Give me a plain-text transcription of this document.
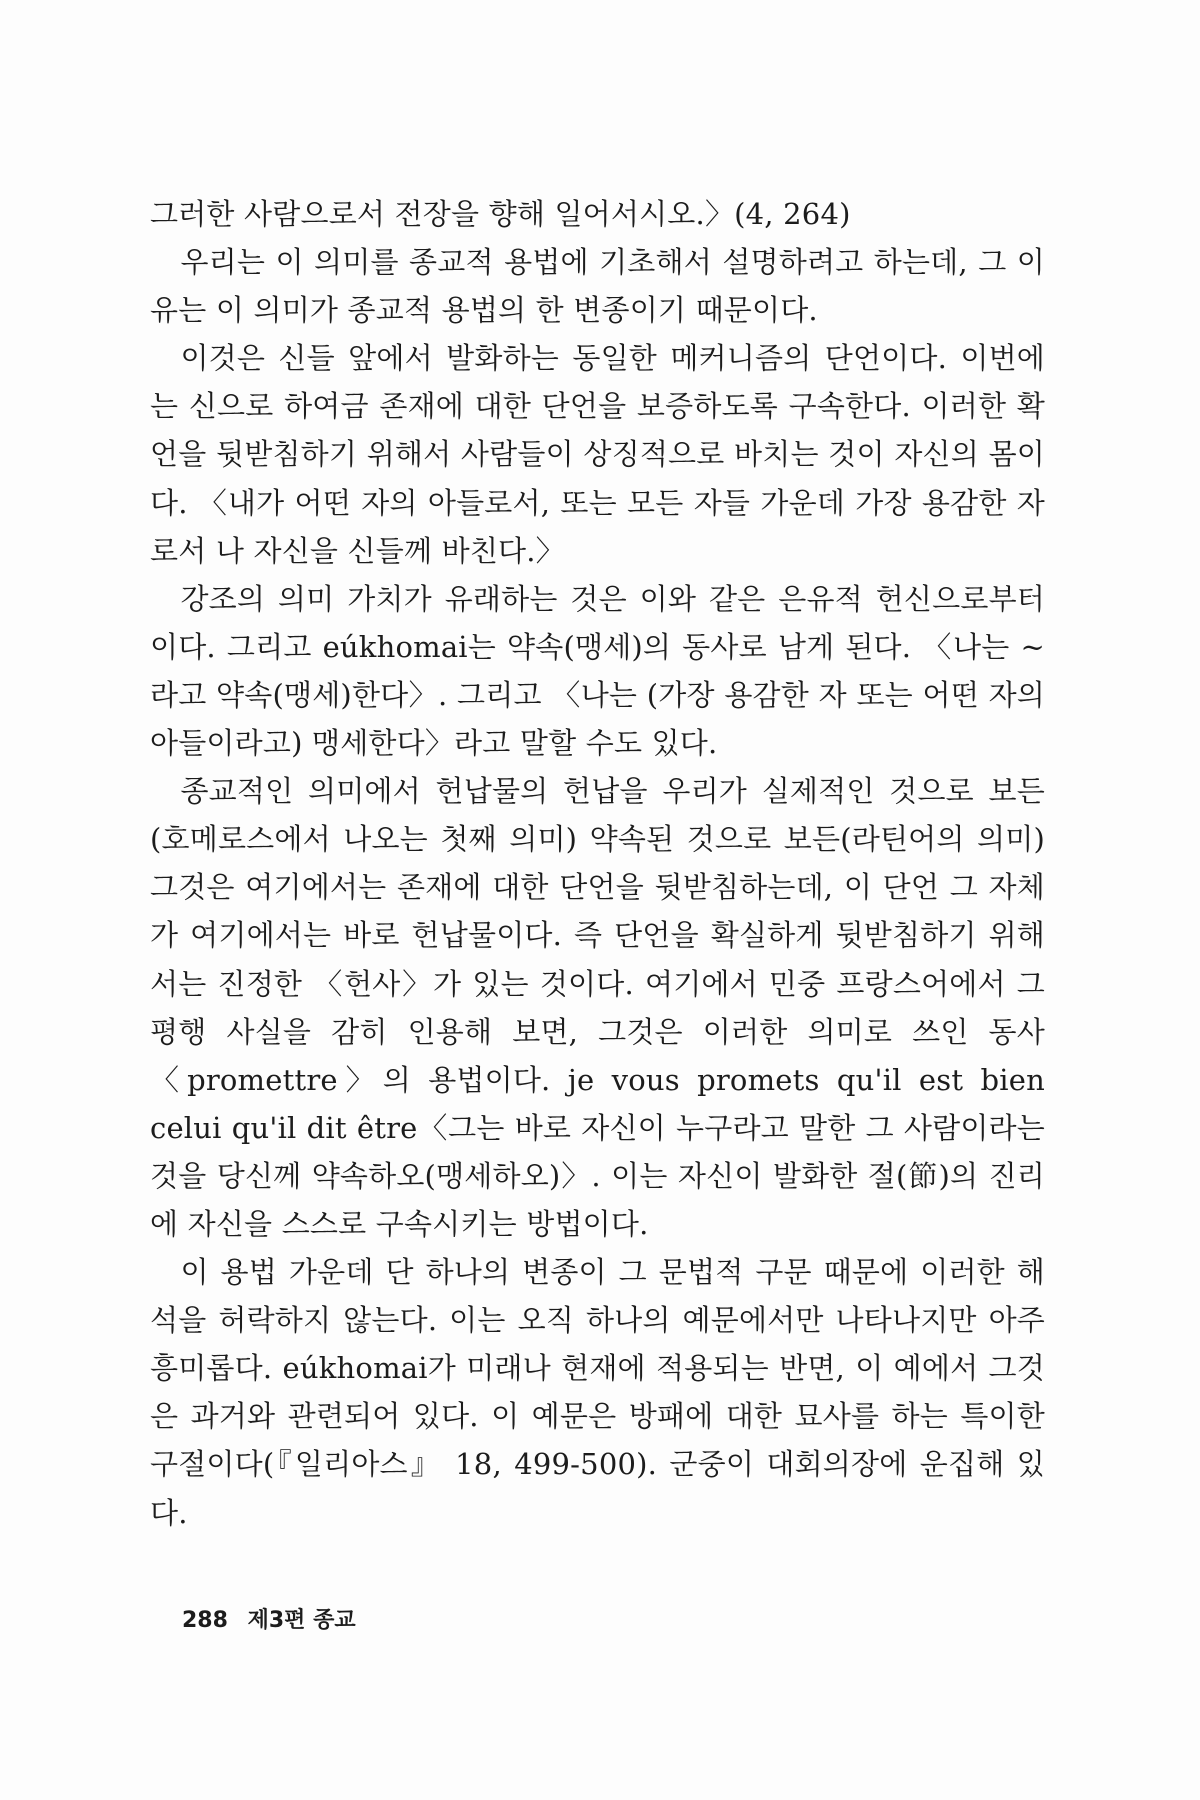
그러한 사람으로서 전장을 향해 일어서시오.〉(4, 264)

우리는 이 의미를 종교적 용법에 기초해서 설명하려고 하는데, 그 이유는 이 의미가 종교적 용법의 한 변종이기 때문이다.

이것은 신들 앞에서 발화하는 동일한 메커니즘의 단언이다. 이번에는 신으로 하여금 존재에 대한 단언을 보증하도록 구속한다. 이러한 확언을 뒷받침하기 위해서 사람들이 상징적으로 바치는 것이 자신의 몸이다. 〈내가 어떤 자의 아들로서, 또는 모든 자들 가운데 가장 용감한 자로서 나 자신을 신들께 바친다.〉

강조의 의미 가치가 유래하는 것은 이와 같은 은유적 헌신으로부터이다. 그리고 eúkhomai는 약속(맹세)의 동사로 남게 된다. 〈나는 ~라고 약속(맹세)한다〉. 그리고 〈나는 (가장 용감한 자 또는 어떤 자의 아들이라고) 맹세한다〉라고 말할 수도 있다.

종교적인 의미에서 헌납물의 헌납을 우리가 실제적인 것으로 보든(호메로스에서 나오는 첫째 의미) 약속된 것으로 보든(라틴어의 의미) 그것은 여기에서는 존재에 대한 단언을 뒷받침하는데, 이 단언 그 자체가 여기에서는 바로 헌납물이다. 즉 단언을 확실하게 뒷받침하기 위해서는 진정한 〈헌사〉가 있는 것이다. 여기에서 민중 프랑스어에서 그 평행 사실을 감히 인용해 보면, 그것은 이러한 의미로 쓰인 동사 〈promettre〉의 용법이다. je vous promets qu'il est bien celui qu'il dit être〈그는 바로 자신이 누구라고 말한 그 사람이라는 것을 당신께 약속하오(맹세하오)〉. 이는 자신이 발화한 절(節)의 진리에 자신을 스스로 구속시키는 방법이다.

이 용법 가운데 단 하나의 변종이 그 문법적 구문 때문에 이러한 해석을 허락하지 않는다. 이는 오직 하나의 예문에서만 나타나지만 아주 흥미롭다. eúkhomai가 미래나 현재에 적용되는 반면, 이 예에서 그것은 과거와 관련되어 있다. 이 예문은 방패에 대한 묘사를 하는 특이한 구절이다(『일리아스』 18, 499-500). 군중이 대회의장에 운집해 있다.

288 제3편 종교
